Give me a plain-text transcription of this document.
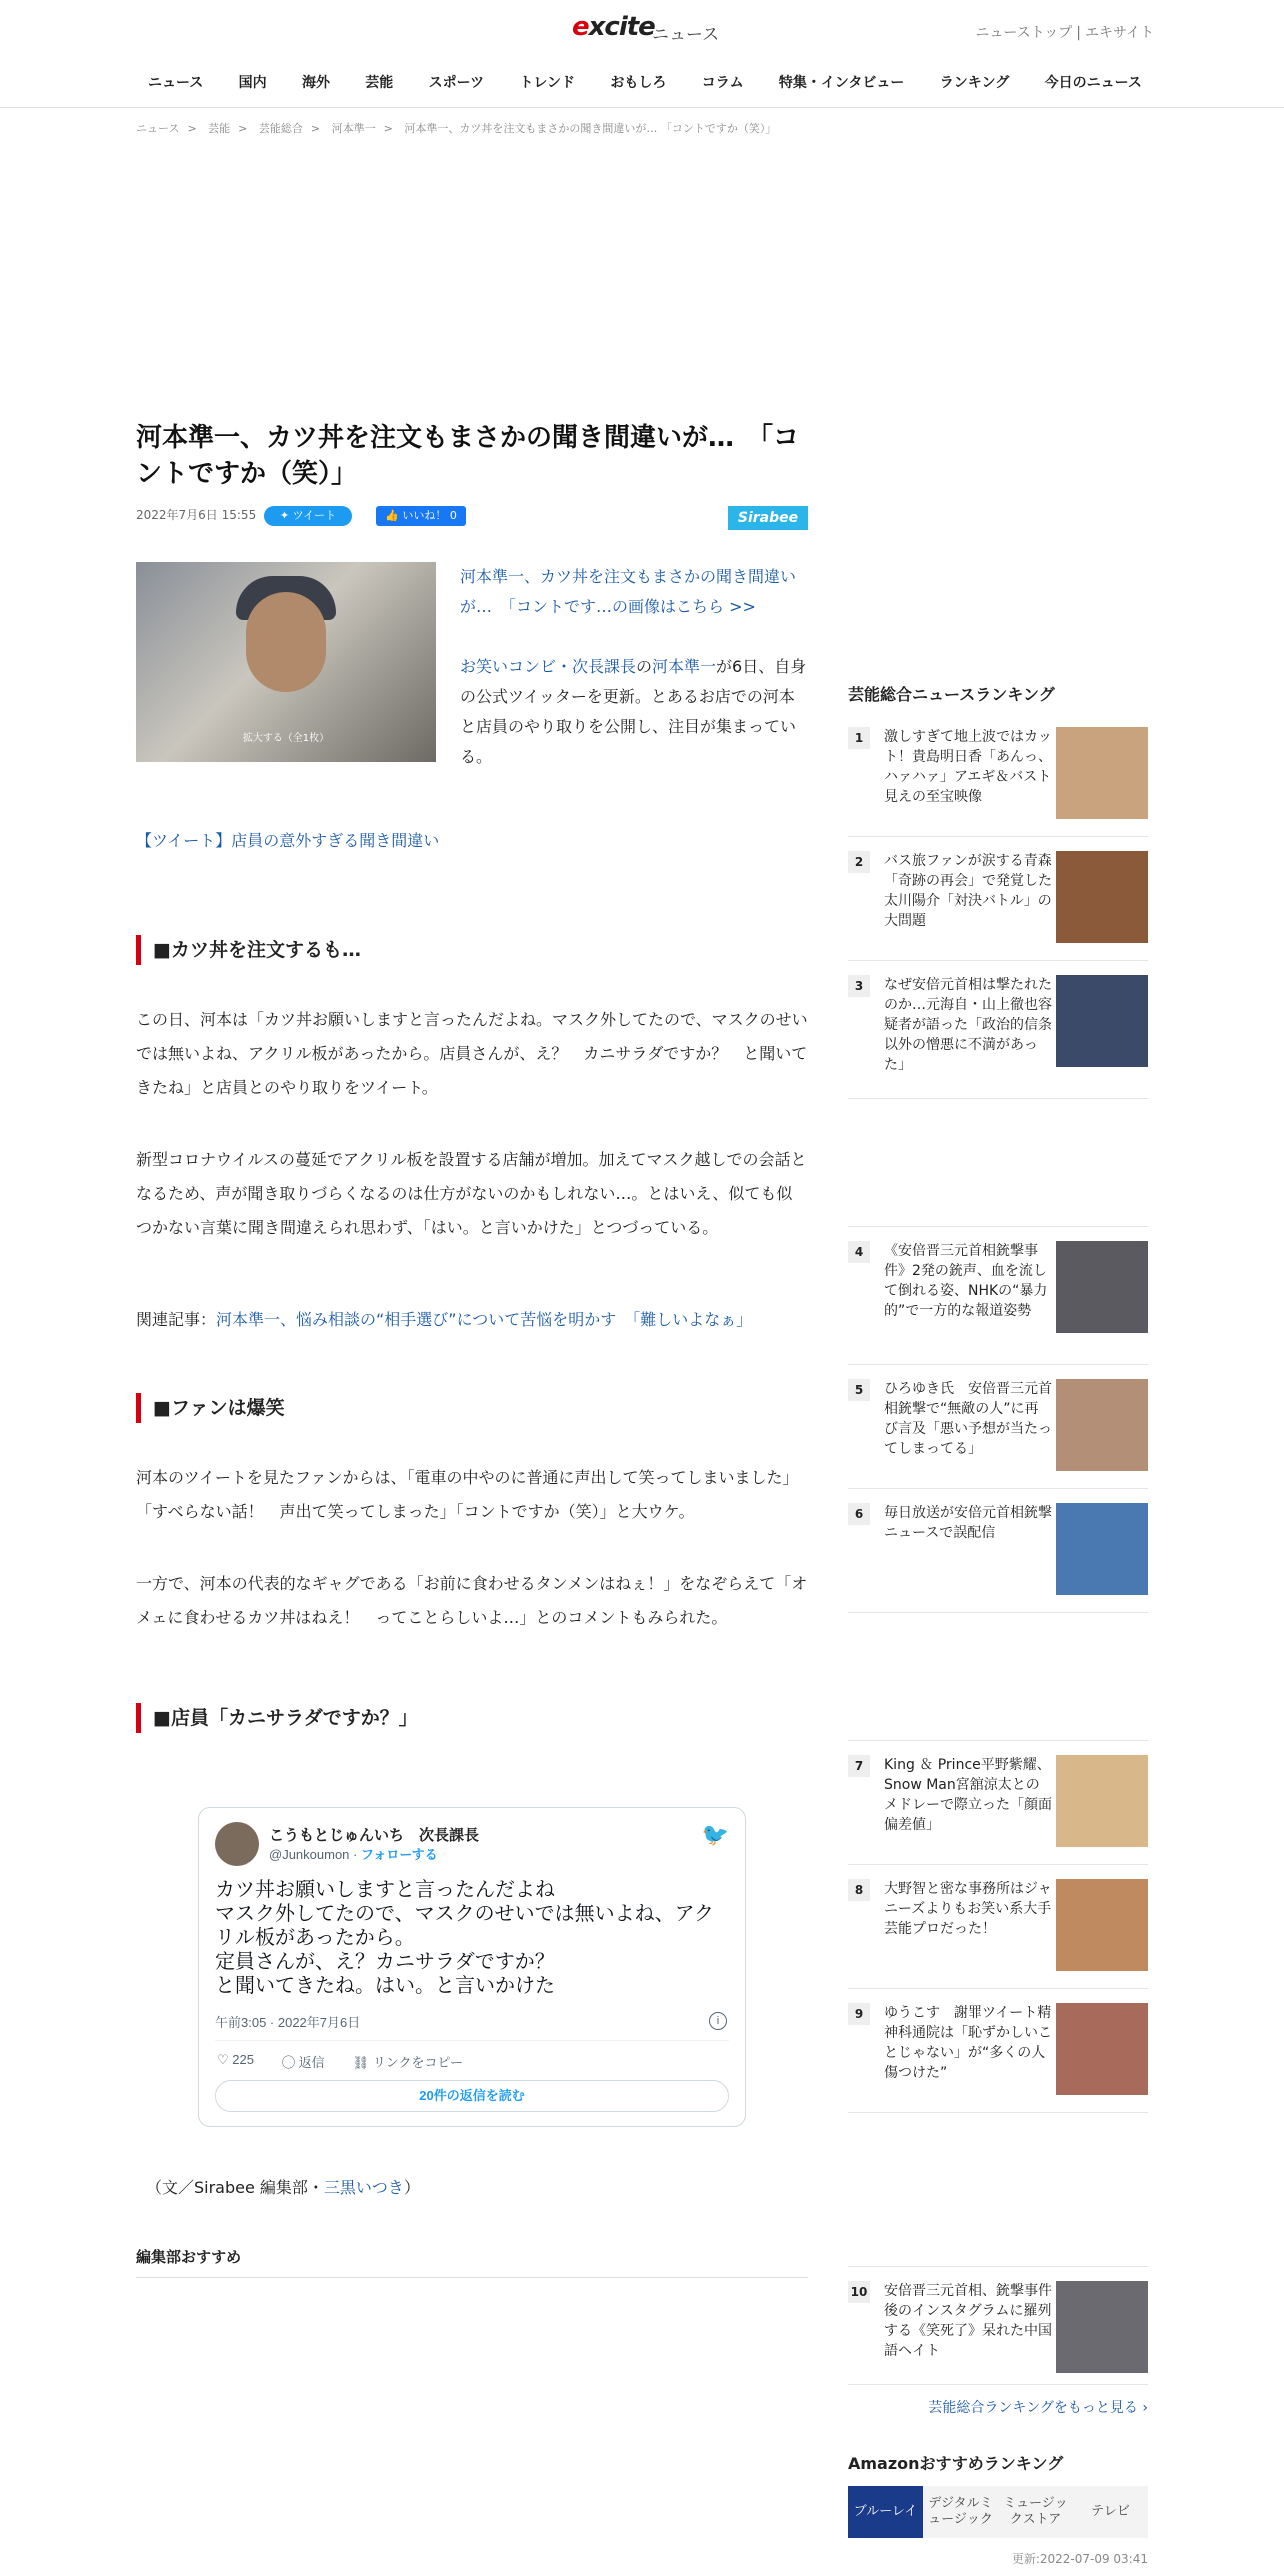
excite
ニュース	ニューストップ | エキサイト
ニュース	国内	海外	芸能	スポーツ	トレンド	おもしろ	コラム	特集・インタビュー	ランキング	今日のニュース
ニュース > 芸能 > 芸能総合 > 河本準一 > 河本準一、カツ丼を注文もまさかの聞き間違いが… 「コントですか（笑）」
河本準一、カツ丼を注文もまさかの聞き間違いが…　「コントですか（笑）」
2022年7月6日 15:55	✦ ツイート	👍 いいね！ 0	Sirabee
拡大する（全1枚）

河本準一、カツ丼を注文もまさかの聞き間違いが…　「コントです…の画像はこちら >>

お笑いコンビ・次長課長の河本準一が6日、自身の公式ツイッターを更新。とあるお店での河本と店員のやり取りを公開し、注目が集まっている。

【ツイート】店員の意外すぎる聞き間違い
■カツ丼を注文するも…
この日、河本は「カツ丼お願いしますと言ったんだよね。マスク外してたので、マスクのせいでは無いよね、アクリル板があったから。店員さんが、え？　カニサラダですか？　と聞いてきたね」と店員とのやり取りをツイート。
新型コロナウイルスの蔓延でアクリル板を設置する店舗が増加。加えてマスク越しでの会話となるため、声が聞き取りづらくなるのは仕方がないのかもしれない…。とはいえ、似ても似つかない言葉に聞き間違えられ思わず、「はい。と言いかけた」とつづっている。
関連記事：河本準一、悩み相談の“相手選び”について苦悩を明かす　「難しいよなぁ」
■ファンは爆笑
河本のツイートを見たファンからは、「電車の中やのに普通に声出して笑ってしまいました」「すべらない話！　声出て笑ってしまった」「コントですか（笑）」と大ウケ。
一方で、河本の代表的なギャグである「お前に食わせるタンメンはねぇ！」をなぞらえて「オメェに食わせるカツ丼はねえ！　ってことらしいよ…」とのコメントもみられた。
■店員「カニサラダですか？」
こうもとじゅんいち　次長課長
@Junkoumon · フォローする
🐦
カツ丼お願いしますと言ったんだよね
マスク外してたので、マスクのせいでは無いよね、アクリル板があったから。
定員さんが、え？カニサラダですか？
と聞いてきたね。はい。と言いかけた
午前3:05 · 2022年7月6日	i
♡ 225 ◯ 返信 ⛓ リンクをコピー
20件の返信を読む
（文／Sirabee 編集部・三黒いつき）
編集部おすすめ
芸能総合ニュースランキング
1	激しすぎて地上波ではカット！貴島明日香「あんっ、ハァハァ」アエギ＆バスト見えの至宝映像
2	バス旅ファンが涙する青森「奇跡の再会」で発覚した太川陽介「対決バトル」の大問題
3	なぜ安倍元首相は撃たれたのか…元海自・山上徹也容疑者が語った「政治的信条以外の憎悪に不満があった」
4	《安倍晋三元首相銃撃事件》2発の銃声、血を流して倒れる姿、NHKの“暴力的”で一方的な報道姿勢
5	ひろゆき氏　安倍晋三元首相銃撃で“無敵の人”に再び言及「悪い予想が当たってしまってる」
6	毎日放送が安倍元首相銃撃ニュースで誤配信
7	King ＆ Prince平野紫耀、Snow Man宮舘涼太とのメドレーで際立った「顔面偏差値」
8	大野智と密な事務所はジャニーズよりもお笑い系大手芸能プロだった！
9	ゆうこす　謝罪ツイート精神科通院は「恥ずかしいことじゃない」が“多くの人傷つけた”
10 安倍晋三元首相、銃撃事件後のインスタグラムに羅列する《笑死了》呆れた中国語ヘイト
芸能総合ランキングをもっと見る ›
Amazonおすすめランキング
ブルーレイ
デジタルミュージック
ミュージックストア
テレビ
更新:2022-07-09 03:41
